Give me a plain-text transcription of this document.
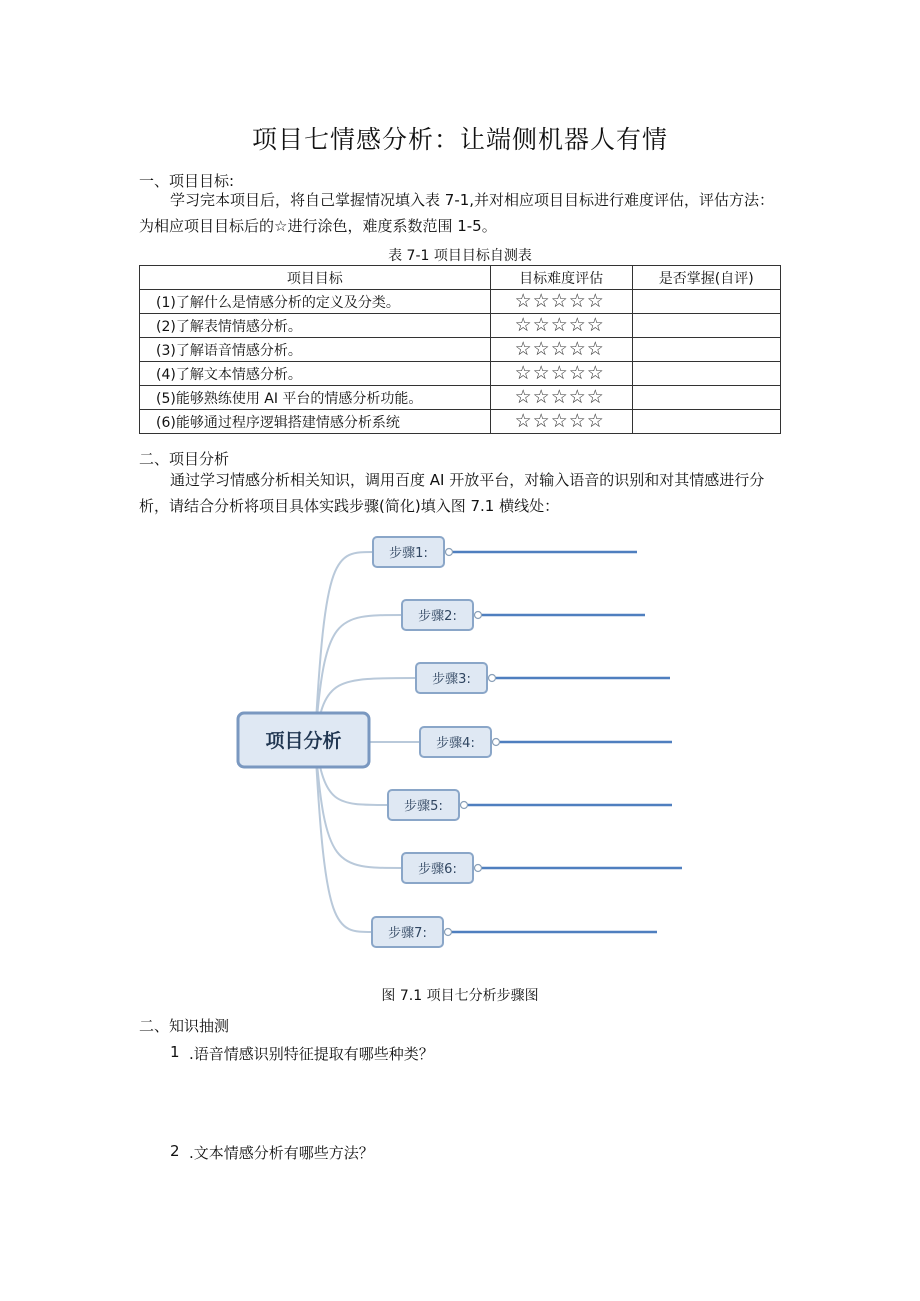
项目七情感分析：让端侧机器人有情
一、项目目标:
学习完本项目后，将自己掌握情况填入表 7-1,并对相应项目目标进行难度评估，评估方法：
为相应项目目标后的☆进行涂色，难度系数范围 1-5。
表 7-1 项目目标自测表
项目目标	目标难度评估	是否掌握(自评)
(1)了解什么是情感分析的定义及分类。	☆☆☆☆☆	
(2)了解表情情感分析。	☆☆☆☆☆	
(3)了解语音情感分析。	☆☆☆☆☆	
(4)了解文本情感分析。	☆☆☆☆☆	
(5)能够熟练使用 AI 平台的情感分析功能。	☆☆☆☆☆	
(6)能够通过程序逻辑搭建情感分析系统	☆☆☆☆☆	
二、项目分析
通过学习情感分析相关知识，调用百度 AI 开放平台，对输入语音的识别和对其情感进行分
析，请结合分析将项目具体实践步骤(简化)填入图 7.1 横线处：
项目分析
步骤1:
步骤2:
步骤3:
步骤4:
步骤5:
步骤6:
步骤7:
图 7.1 项目七分析步骤图
二、知识抽测
1 .语音情感识别特征提取有哪些种类？
2 .文本情感分析有哪些方法？
